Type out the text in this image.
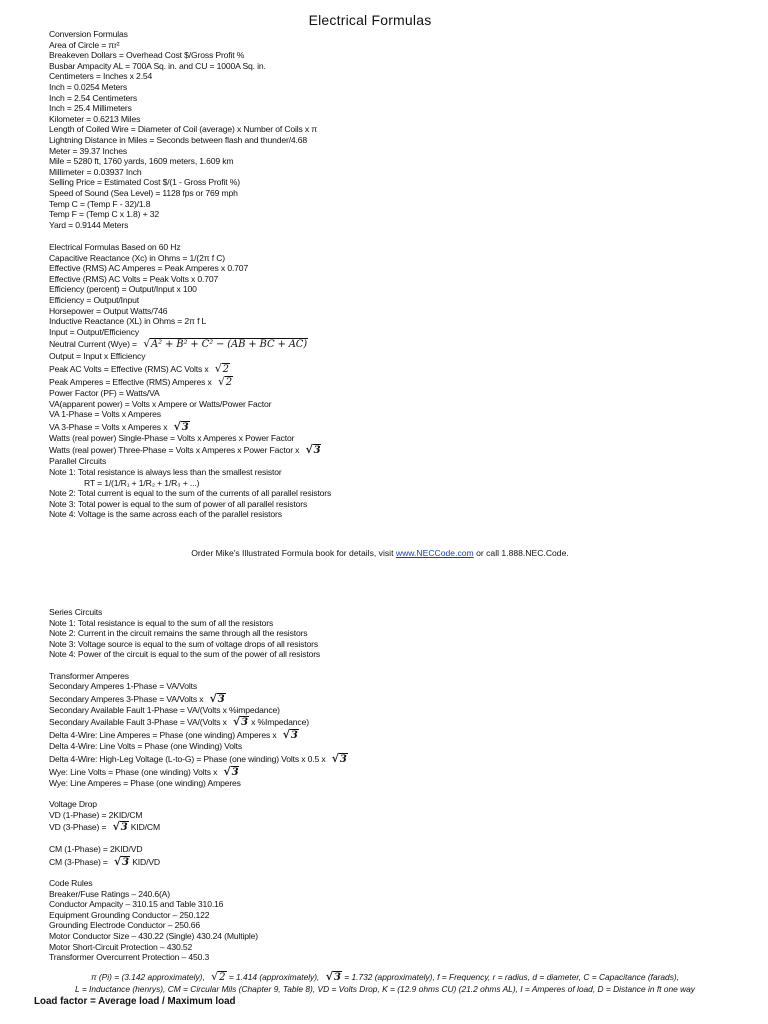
Electrical Formulas
Conversion Formulas
Area of Circle = πr²
Breakeven Dollars = Overhead Cost $/Gross Profit %
Busbar Ampacity AL = 700A Sq. in. and CU = 1000A Sq. in.
Centimeters = Inches x 2.54
Inch = 0.0254 Meters
Inch = 2.54 Centimeters
Inch = 25.4 Millimeters
Kilometer = 0.6213 Miles
Length of Coiled Wire = Diameter of Coil (average) x Number of Coils x π
Lightning Distance in Miles = Seconds between flash and thunder/4.68
Meter = 39.37 Inches
Mile = 5280 ft, 1760 yards, 1609 meters, 1.609 km
Millimeter = 0.03937 Inch
Selling Price = Estimated Cost $/(1 - Gross Profit %)
Speed of Sound (Sea Level) = 1128 fps or 769 mph
Temp C = (Temp F - 32)/1.8
Temp F = (Temp C x 1.8) + 32
Yard = 0.9144 Meters
Electrical Formulas Based on 60 Hz
Capacitive Reactance (Xc) in Ohms = 1/(2π f C)
Effective (RMS) AC Amperes = Peak Amperes x 0.707
Effective (RMS) AC Volts = Peak Volts x 0.707
Efficiency (percent) = Output/Input x 100
Efficiency = Output/Input
Horsepower = Output Watts/746
Inductive Reactance (XL) in Ohms = 2π f L
Input = Output/Efficiency
Neutral Current (Wye) = √A² + B² + C² − (AB + BC + AC)
Output = Input x Efficiency
Peak AC Volts = Effective (RMS) AC Volts x √2
Peak Amperes = Effective (RMS) Amperes x √2
Power Factor (PF) = Watts/VA
VA(apparent power) = Volts x Ampere or Watts/Power Factor
VA 1-Phase = Volts x Amperes
VA 3-Phase = Volts x Amperes x √3
Watts (real power) Single-Phase = Volts x Amperes x Power Factor
Watts (real power) Three-Phase = Volts x Amperes x Power Factor x √3
Parallel Circuits
Note 1: Total resistance is always less than the smallest resistor
RT = 1/(1/R₁ + 1/R₂ + 1/R₃ + ...)
Note 2: Total current is equal to the sum of the currents of all parallel resistors
Note 3: Total power is equal to the sum of power of all parallel resistors
Note 4: Voltage is the same across each of the parallel resistors
Order Mike's Illustrated Formula book for details, visit www.NECCode.com or call 1.888.NEC.Code.
Series Circuits
Note 1: Total resistance is equal to the sum of all the resistors
Note 2: Current in the circuit remains the same through all the resistors
Note 3: Voltage source is equal to the sum of voltage drops of all resistors
Note 4: Power of the circuit is equal to the sum of the power of all resistors
Transformer Amperes
Secondary Amperes 1-Phase = VA/Volts
Secondary Amperes 3-Phase = VA/Volts x √3
Secondary Available Fault 1-Phase = VA/(Volts x %impedance)
Secondary Available Fault 3-Phase = VA/(Volts x √3 x %Impedance)
Delta 4-Wire: Line Amperes = Phase (one winding) Amperes x √3
Delta 4-Wire: Line Volts = Phase (one Winding) Volts
Delta 4-Wire: High-Leg Voltage (L-to-G) = Phase (one winding) Volts x 0.5 x √3
Wye: Line Volts = Phase (one winding) Volts x √3
Wye: Line Amperes = Phase (one winding) Amperes
Voltage Drop
VD (1-Phase) = 2KID/CM
VD (3-Phase) = √3 KID/CM
CM (1-Phase) = 2KID/VD
CM (3-Phase) = √3 KID/VD
Code Rules
Breaker/Fuse Ratings – 240.6(A)
Conductor Ampacity – 310.15 and Table 310.16
Equipment Grounding Conductor – 250.122
Grounding Electrode Conductor – 250.66
Motor Conductor Size – 430.22 (Single) 430.24 (Multiple)
Motor Short-Circuit Protection – 430.52
Transformer Overcurrent Protection – 450.3
π (Pi) = (3.142 approximately), √2 = 1.414 (approximately), √3 = 1.732 (approximately), f = Frequency, r = radius, d = diameter, C = Capacitance (farads),
L = Inductance (henrys), CM = Circular Mils (Chapter 9, Table 8), VD = Volts Drop, K = (12.9 ohms CU) (21.2 ohms AL), I = Amperes of load, D = Distance in ft one way
Load factor = Average load / Maximum load
